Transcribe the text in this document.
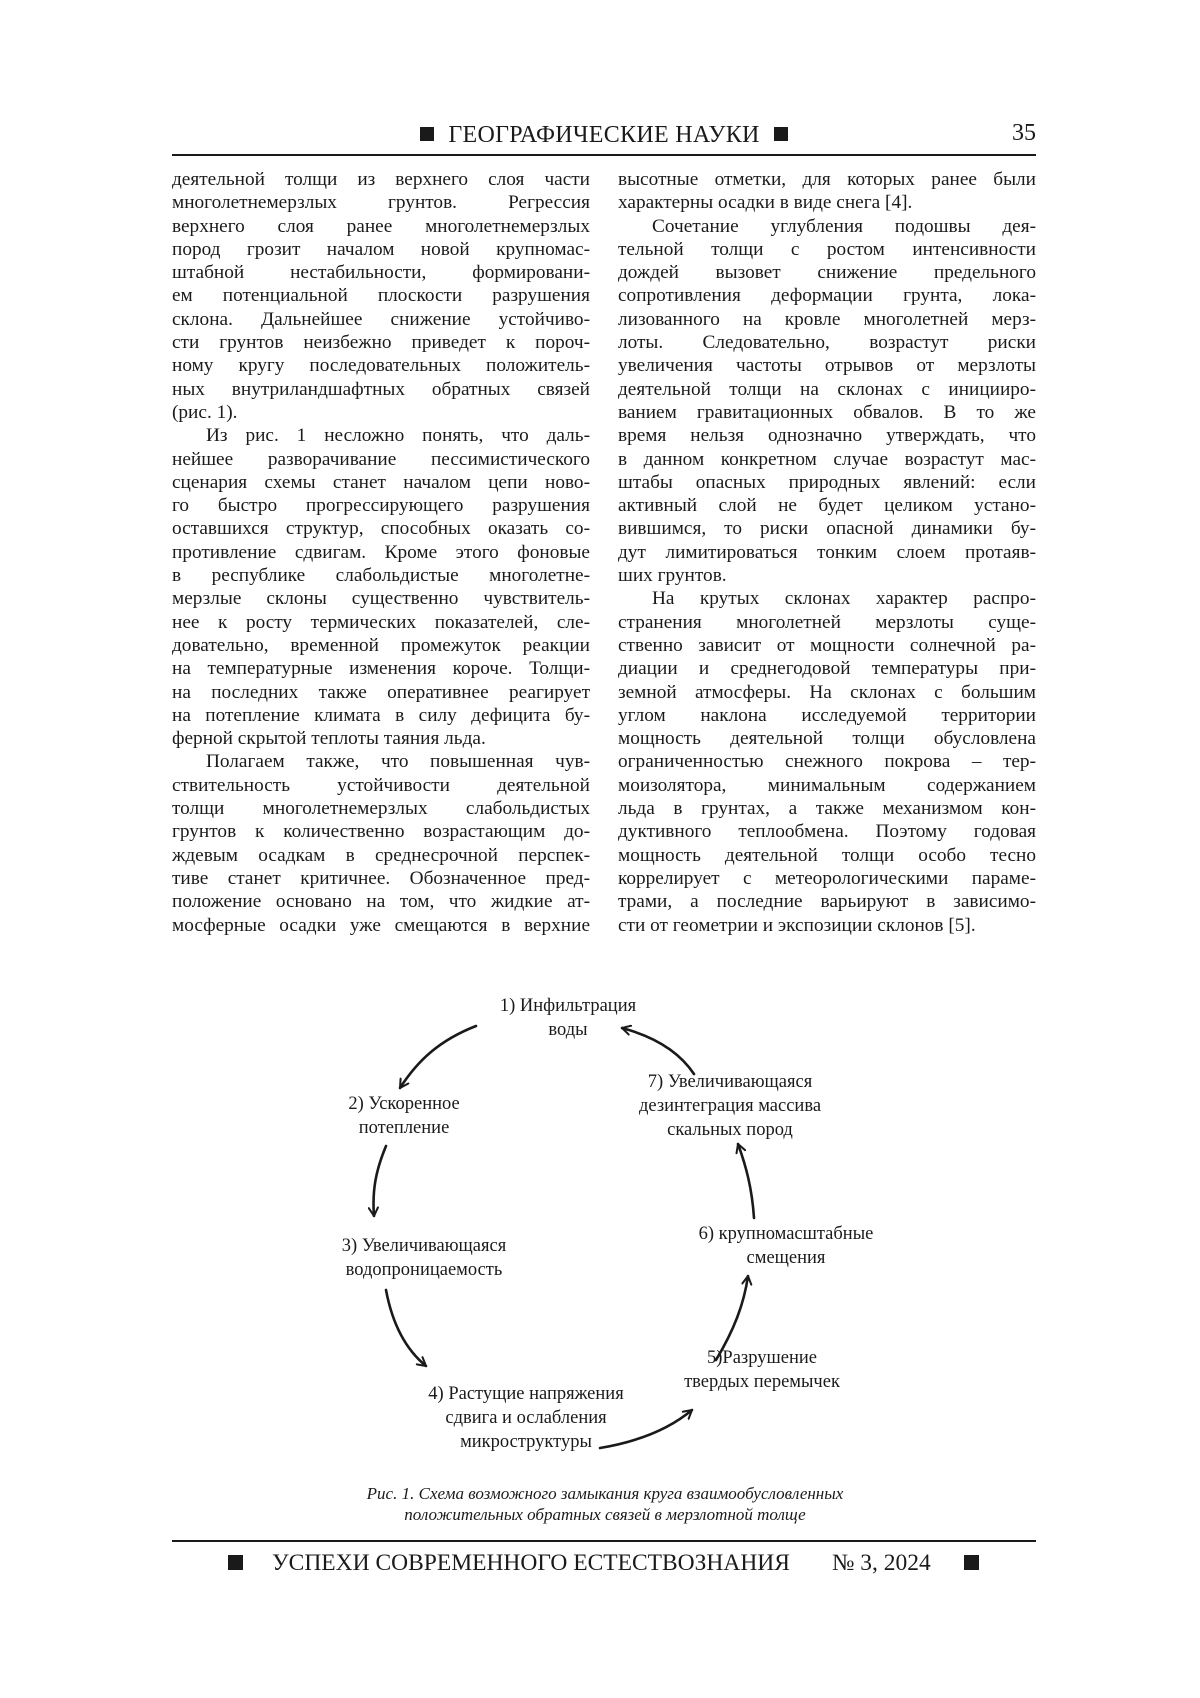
ГЕОГРАФИЧЕСКИЕ НАУКИ	35

деятельной толщи из верхнего слоя части

многолетнемерзлых грунтов. Регрессия

верхнего слоя ранее многолетнемерзлых

пород грозит началом новой крупномас-

штабной нестабильности, формировани-

ем потенциальной плоскости разрушения

склона. Дальнейшее снижение устойчиво-

сти грунтов неизбежно приведет к пороч-

ному кругу последовательных положитель-

ных внутриландшафтных обратных связей

(рис. 1).

Из рис. 1 несложно понять, что даль-

нейшее разворачивание пессимистического

сценария схемы станет началом цепи ново-

го быстро прогрессирующего разрушения

оставшихся структур, способных оказать со-

противление сдвигам. Кроме этого фоновые

в республике слабольдистые многолетне-

мерзлые склоны существенно чувствитель-

нее к росту термических показателей, сле-

довательно, временной промежуток реакции

на температурные изменения короче. Толщи-

на последних также оперативнее реагирует

на потепление климата в силу дефицита бу-

ферной скрытой теплоты таяния льда.

Полагаем также, что повышенная чув-

ствительность устойчивости деятельной

толщи многолетнемерзлых слабольдистых

грунтов к количественно возрастающим до-

ждевым осадкам в среднесрочной перспек-

тиве станет критичнее. Обозначенное пред-

положение основано на том, что жидкие ат-

мосферные осадки уже смещаются в верхние

высотные отметки, для которых ранее были

характерны осадки в виде снега [4].

Сочетание углубления подошвы дея-

тельной толщи с ростом интенсивности

дождей вызовет снижение предельного

сопротивления деформации грунта, лока-

лизованного на кровле многолетней мерз-

лоты. Следовательно, возрастут риски

увеличения частоты отрывов от мерзлоты

деятельной толщи на склонах с иницииро-

ванием гравитационных обвалов. В то же

время нельзя однозначно утверждать, что

в данном конкретном случае возрастут мас-

штабы опасных природных явлений: если

активный слой не будет целиком устано-

вившимся, то риски опасной динамики бу-

дут лимитироваться тонким слоем протаяв-

ших грунтов.

На крутых склонах характер распро-

странения многолетней мерзлоты суще-

ственно зависит от мощности солнечной ра-

диации и среднегодовой температуры при-

земной атмосферы. На склонах с большим

углом наклона исследуемой территории

мощность деятельной толщи обусловлена

ограниченностью снежного покрова – тер-

моизолятора, минимальным содержанием

льда в грунтах, а также механизмом кон-

дуктивного теплообмена. Поэтому годовая

мощность деятельной толщи особо тесно

коррелирует с метеорологическими параме-

трами, а последние варьируют в зависимо-

сти от геометрии и экспозиции склонов [5].

1) Инфильтрация
воды
2) Ускоренное
потепление
3) Увеличивающаяся
водопроницаемость
4) Растущие напряжения
сдвига и ослабления
микроструктуры
5)Разрушение
твердых перемычек
6) крупномасштабные
смещения
7) Увеличивающаяся
дезинтеграция массива
скальных пород
Рис. 1. Схема возможного замыкания круга взаимообусловленных
положительных обратных связей в мерзлотной толще
УСПЕХИ СОВРЕМЕННОГО ЕСТЕСТВОЗНАНИЯ № 3, 2024
